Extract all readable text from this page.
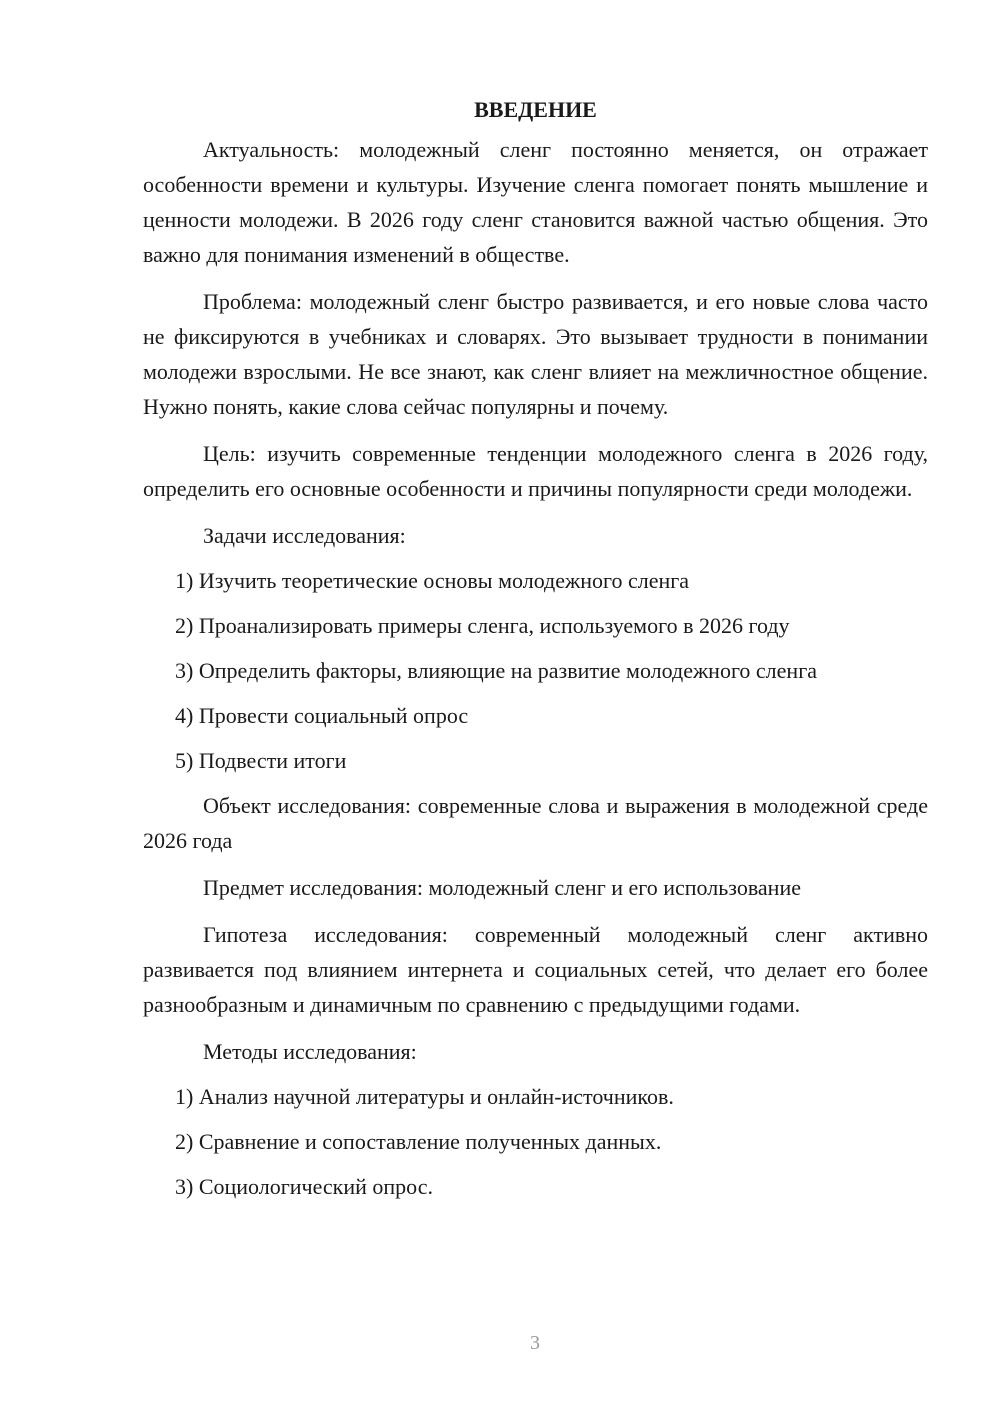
ВВЕДЕНИЕ

Актуальность: молодежный сленг постоянно меняется, он отражает особенности времени и культуры. Изучение сленга помогает понять мышление и ценности молодежи. В 2026 году сленг становится важной частью общения. Это важно для понимания изменений в обществе.

Проблема: молодежный сленг быстро развивается, и его новые слова часто не фиксируются в учебниках и словарях. Это вызывает трудности в понимании молодежи взрослыми. Не все знают, как сленг влияет на межличностное общение. Нужно понять, какие слова сейчас популярны и почему.

Цель: изучить современные тенденции молодежного сленга в 2026 году, определить его основные особенности и причины популярности среди молодежи.

Задачи исследования:

1) Изучить теоретические основы молодежного сленга

2) Проанализировать примеры сленга, используемого в 2026 году

3) Определить факторы, влияющие на развитие молодежного сленга

4) Провести социальный опрос

5) Подвести итоги

Объект исследования: современные слова и выражения в молодежной среде 2026 года

Предмет исследования: молодежный сленг и его использование

Гипотеза исследования: современный молодежный сленг активно развивается под влиянием интернета и социальных сетей, что делает его более разнообразным и динамичным по сравнению с предыдущими годами.

Методы исследования:

1) Анализ научной литературы и онлайн-источников.

2) Сравнение и сопоставление полученных данных.

3) Социологический опрос.

3
